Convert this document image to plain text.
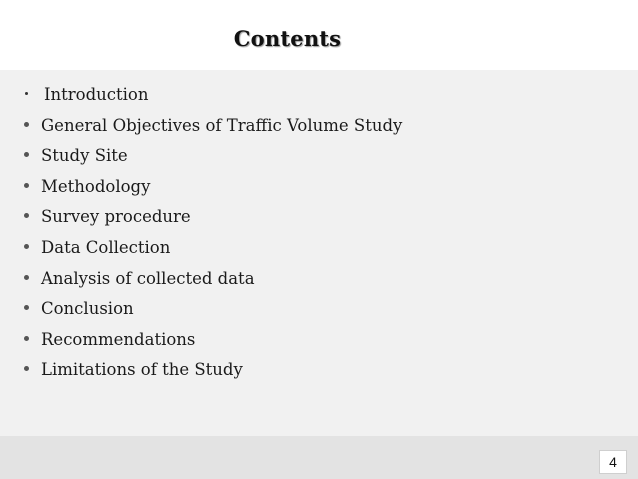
Contents
Introduction
General Objectives of Traffic Volume Study
Study Site
Methodology
Survey procedure
Data Collection
Analysis of collected data
Conclusion
Recommendations
Limitations of the Study
4
